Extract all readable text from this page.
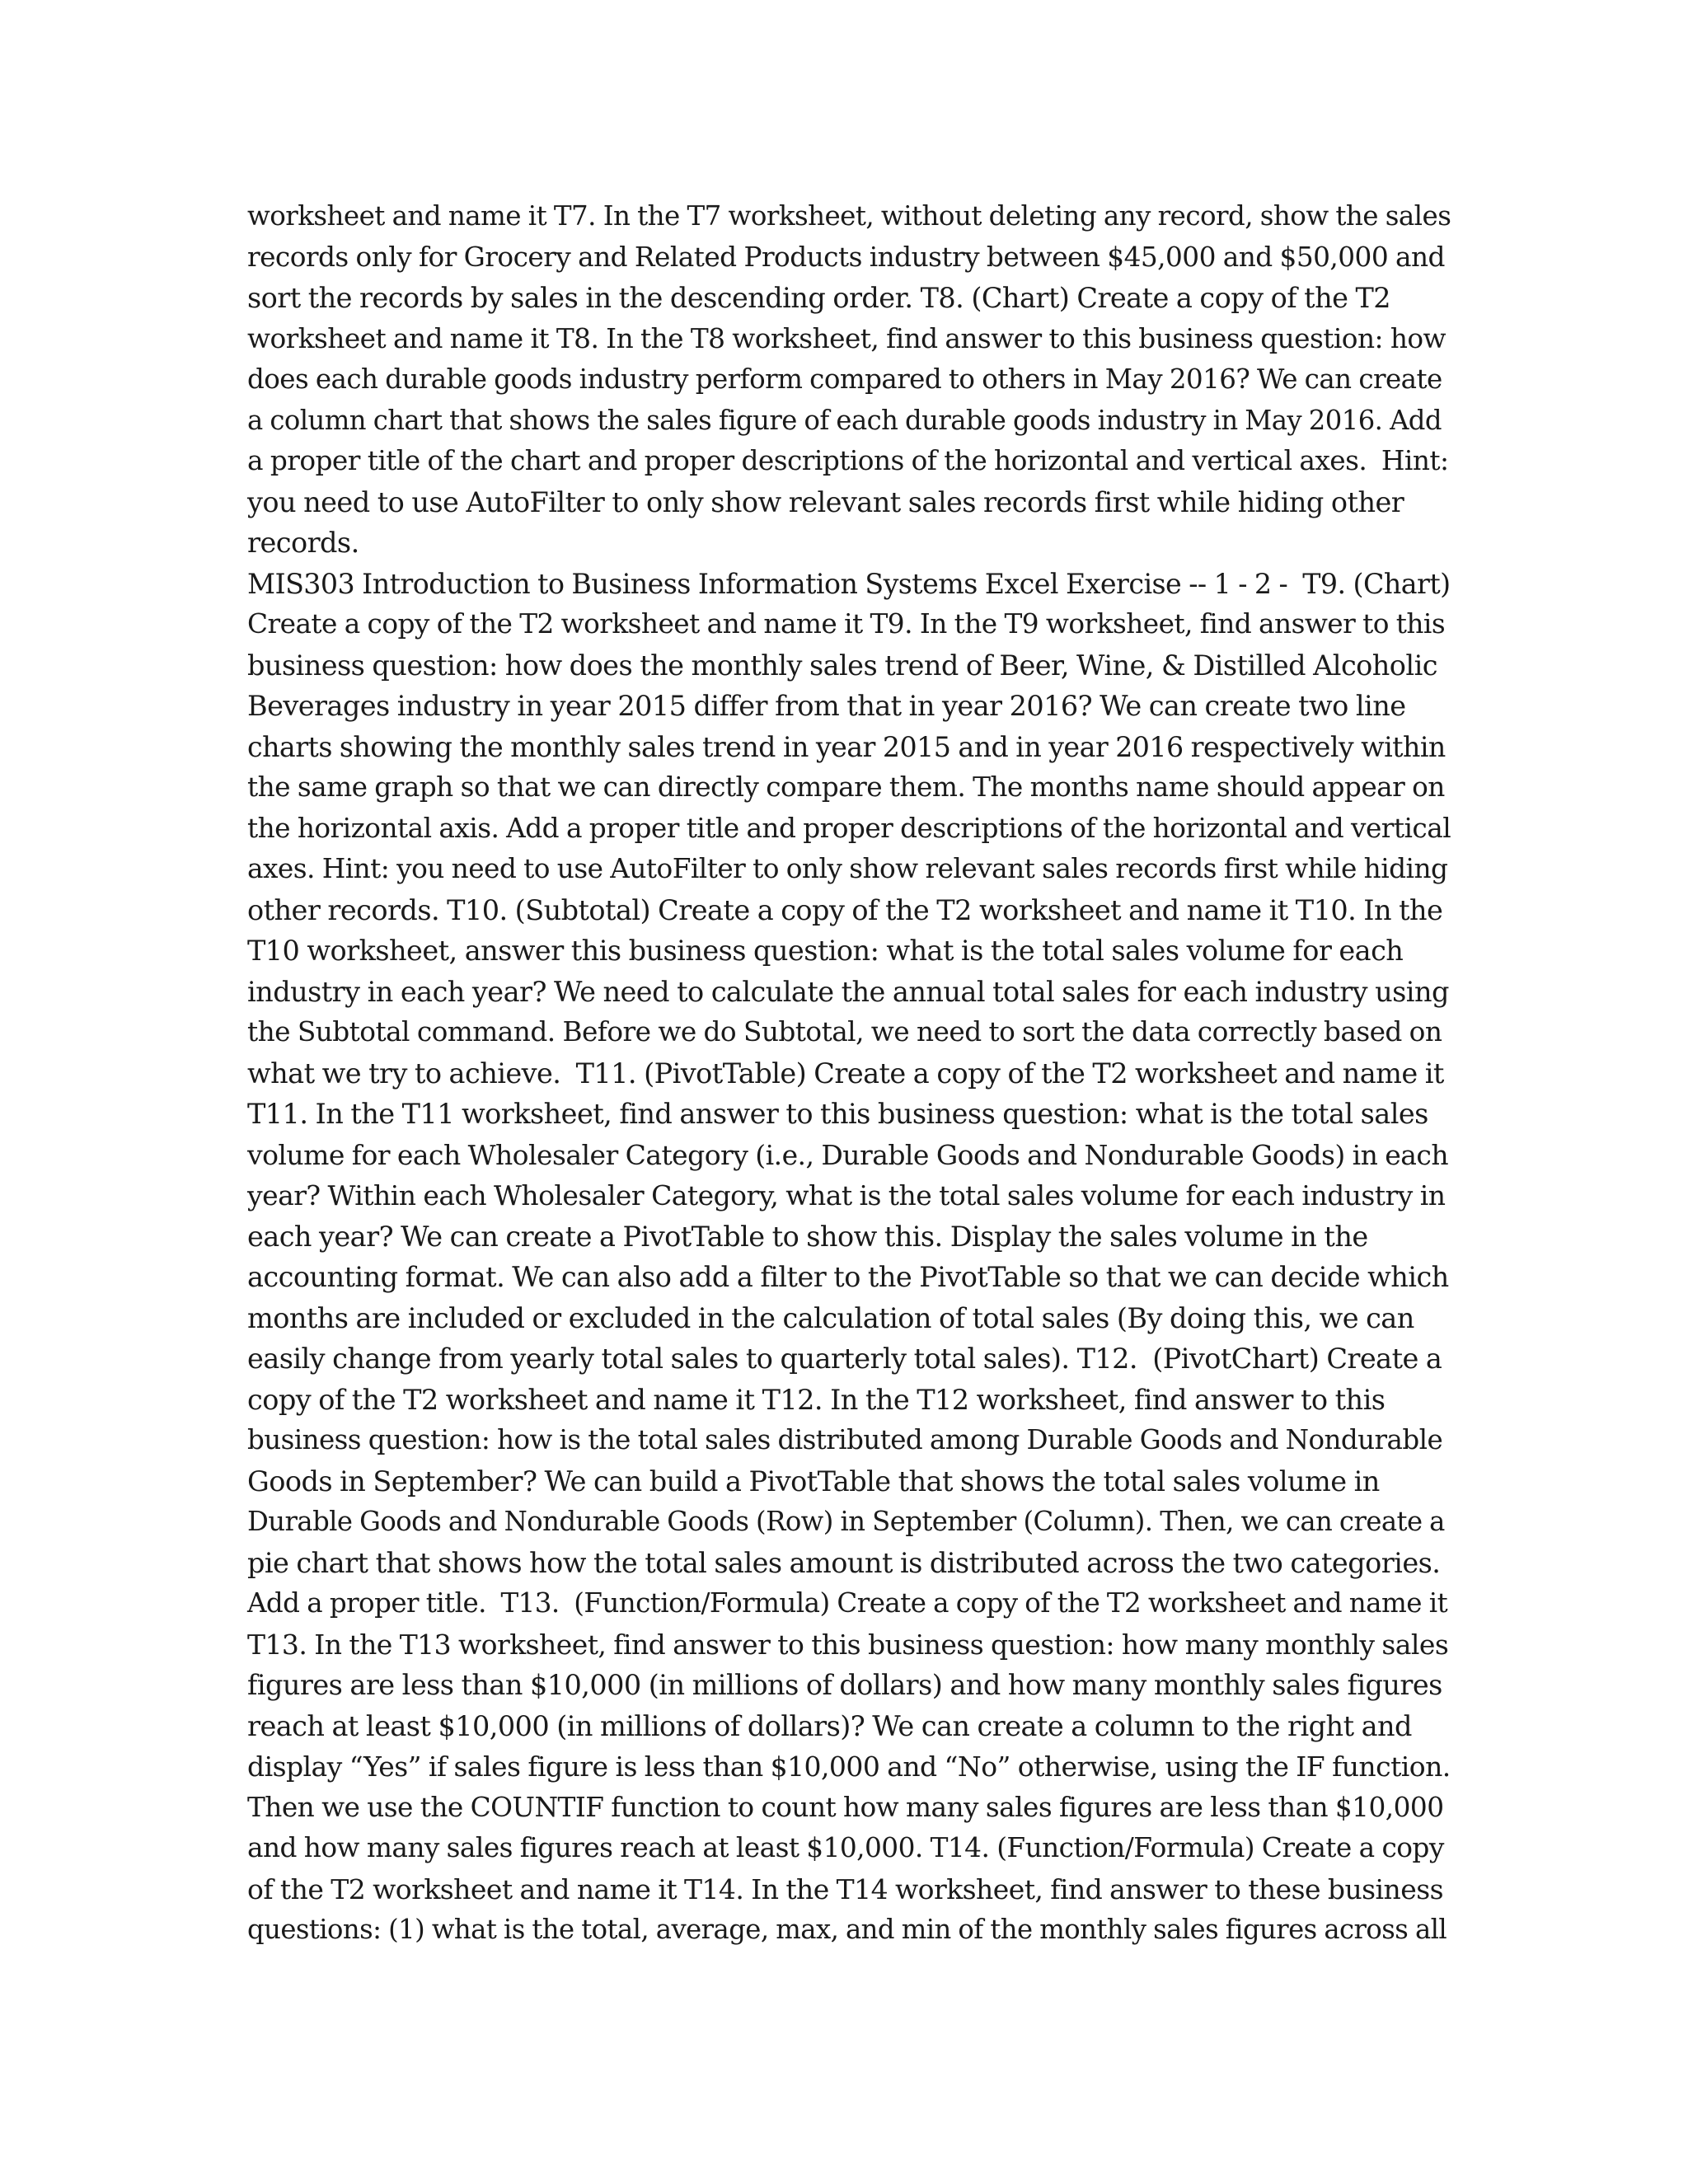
worksheet and name it T7. In the T7 worksheet, without deleting any record, show the sales
records only for Grocery and Related Products industry between $45,000 and $50,000 and
sort the records by sales in the descending order. T8. (Chart) Create a copy of the T2
worksheet and name it T8. In the T8 worksheet, find answer to this business question: how
does each durable goods industry perform compared to others in May 2016? We can create
a column chart that shows the sales figure of each durable goods industry in May 2016. Add
a proper title of the chart and proper descriptions of the horizontal and vertical axes.  Hint:
you need to use AutoFilter to only show relevant sales records first while hiding other
records.
MIS303 Introduction to Business Information Systems Excel Exercise -- 1 - 2 -  T9. (Chart)
Create a copy of the T2 worksheet and name it T9. In the T9 worksheet, find answer to this
business question: how does the monthly sales trend of Beer, Wine, & Distilled Alcoholic
Beverages industry in year 2015 differ from that in year 2016? We can create two line
charts showing the monthly sales trend in year 2015 and in year 2016 respectively within
the same graph so that we can directly compare them. The months name should appear on
the horizontal axis. Add a proper title and proper descriptions of the horizontal and vertical
axes. Hint: you need to use AutoFilter to only show relevant sales records first while hiding
other records. T10. (Subtotal) Create a copy of the T2 worksheet and name it T10. In the
T10 worksheet, answer this business question: what is the total sales volume for each
industry in each year? We need to calculate the annual total sales for each industry using
the Subtotal command. Before we do Subtotal, we need to sort the data correctly based on
what we try to achieve.  T11. (PivotTable) Create a copy of the T2 worksheet and name it
T11. In the T11 worksheet, find answer to this business question: what is the total sales
volume for each Wholesaler Category (i.e., Durable Goods and Nondurable Goods) in each
year? Within each Wholesaler Category, what is the total sales volume for each industry in
each year? We can create a PivotTable to show this. Display the sales volume in the
accounting format. We can also add a filter to the PivotTable so that we can decide which
months are included or excluded in the calculation of total sales (By doing this, we can
easily change from yearly total sales to quarterly total sales). T12.  (PivotChart) Create a
copy of the T2 worksheet and name it T12. In the T12 worksheet, find answer to this
business question: how is the total sales distributed among Durable Goods and Nondurable
Goods in September? We can build a PivotTable that shows the total sales volume in
Durable Goods and Nondurable Goods (Row) in September (Column). Then, we can create a
pie chart that shows how the total sales amount is distributed across the two categories.
Add a proper title.  T13.  (Function/Formula) Create a copy of the T2 worksheet and name it
T13. In the T13 worksheet, find answer to this business question: how many monthly sales
figures are less than $10,000 (in millions of dollars) and how many monthly sales figures
reach at least $10,000 (in millions of dollars)? We can create a column to the right and
display “Yes” if sales figure is less than $10,000 and “No” otherwise, using the IF function.
Then we use the COUNTIF function to count how many sales figures are less than $10,000
and how many sales figures reach at least $10,000. T14. (Function/Formula) Create a copy
of the T2 worksheet and name it T14. In the T14 worksheet, find answer to these business
questions: (1) what is the total, average, max, and min of the monthly sales figures across all
